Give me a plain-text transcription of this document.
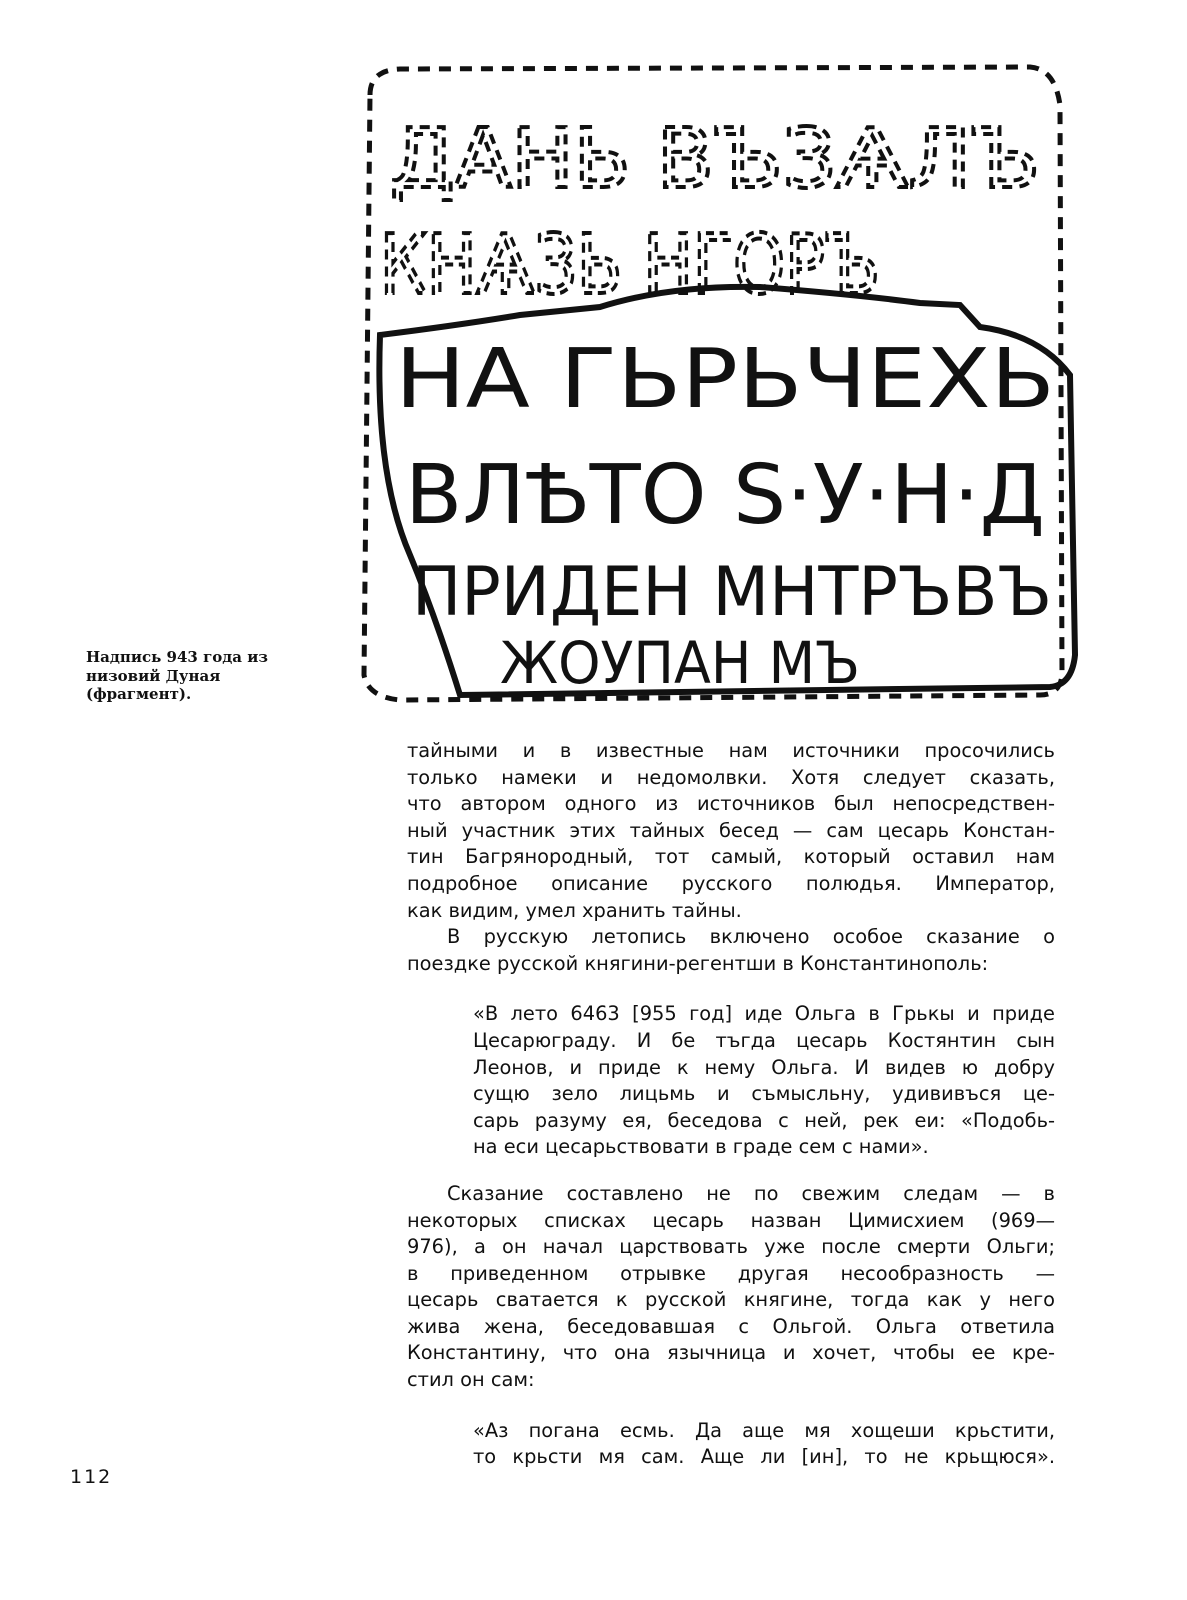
ДАНЬ ВЪЗѦЛЪ
КНѦЗЬ НГОРЪ
НА ГЬРЬЧЕХЬ
ВЛѢТО Ѕ·У·Н·Д
ПРИДЕН МНТРЪВЪ
ЖОУПАН МЪ
Надпись 943 года из
низовий Дуная
(фрагмент).

тайными и в известные нам источники просочились
только намеки и недомолвки. Хотя следует сказать,
что автором одного из источников был непосредствен-
ный участник этих тайных бесед — сам цесарь Констан-
тин Багрянородный, тот самый, который оставил нам
подробное описание русского полюдья. Император,
как видим, умел хранить тайны.

В русскую летопись включено особое сказание о
поездке русской княгини-регентши в Константинополь:

«В лето 6463 [955 год] иде Ольга в Грькы и приде
Цесарюграду. И бе тъгда цесарь Костянтин сын
Леонов, и приде к нему Ольга. И видев ю добру
сущю зело лицьмь и съмысльну, удививъся це-
сарь разуму ея, беседова с ней, рек еи: «Подобь-
на еси цесарьствовати в граде сем с нами».

Сказание составлено не по свежим следам — в
некоторых списках цесарь назван Цимисхием (969—
976), а он начал царствовать уже после смерти Ольги;
в приведенном отрывке другая несообразность —
цесарь сватается к русской княгине, тогда как у него
жива жена, беседовавшая с Ольгой. Ольга ответила
Константину, что она язычница и хочет, чтобы ее кре-
стил он сам:

«Аз погана есмь. Да аще мя хощеши крьстити,
то крьсти мя сам. Аще ли [ин], то не крьщюся».

112
